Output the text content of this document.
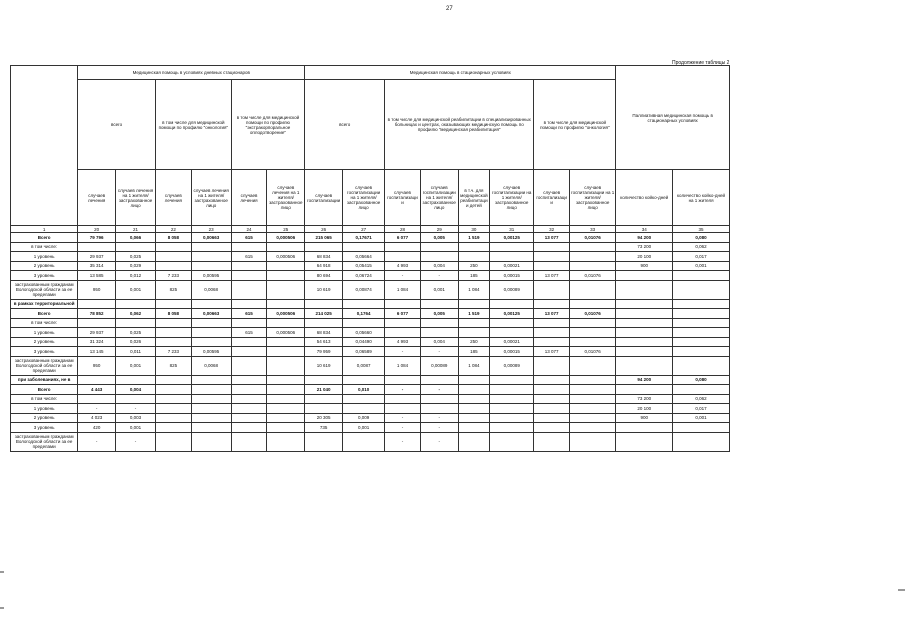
27
Продолжение таблицы 2
	Медицинская помощь в условиях дневных стационаров						Медицинская помощь в стационарных условиях								Паллиативная медицинская помощь в стационарных условиях	
	всего		в том числе для медицинской помощи по профилю "онкология"		в том числе для медицинской помощи по профилю "экстракорпоральное оплодотворение"		всего		в том числе для медицинской реабилитации в специализированных больницах и центрах, оказывающих медицинскую помощь по профилю "медицинская реабилитация"				в том числе для медицинской помощи по профилю "онкология"			
	случаев лечения	случаев лечения на 1 жителя/застрахованное лицо	случаев лечения	случаев лечения на 1 жителя/застрахованное лицо	случаев лечения	случаев лечения на 1 жителя/застрахованное лицо	случаев госпитализации	случаев госпитализации на 1 жителя/застрахованное лицо	случаев госпитализации	случаев госпитализации на 1 жителя/застрахованное лицо	в т.ч. для медицинской реабилитации детей	случаев госпитализации на 1 жителя/застрахованное лицо	случаев госпитализации	случаев госпитализации на 1 жителя/застрахованное лицо	количество койко-дней	количество койко-дней на 1 жителя
1	20	21	22	23	24	25	26	27	28	29	30	31	32	33	34	35
Всего	79 796	0,066	8 058	0,00663	615	0,000506	215 065	0,17671	6 077	0,005	1 519	0,00125	13 077	0,01076	94 200	0,080
в том числе:															73 200	0,062
1 уровень	29 937	0,025			615	0,000506	68 834	0,05664							20 100	0,017
2 уровень	35 314	0,029					64 918	0,05415	4 993	0,004	250	0,00021			900	0,001
3 уровень	13 585	0,012	7 233	0,00595			80 694	0,06724	-	-	185	0,00015	13 077	0,01076		
застрахованным гражданам Вологодской области за ее пределами	950	0,001	825	0,0068			10 619	0,00874	1 084	0,001	1 084	0,00089				
в рамках территориальной																
Всего	78 852	0,062	8 058	0,00663	615	0,000506	214 025	0,1764	6 077	0,005	1 519	0,00125	13 077	0,01076		
в том числе:																
1 уровень	29 937	0,025			615	0,000506	68 834	0,05660								
2 уровень	31 324	0,026					54 613	0,04490	4 993	0,004	250	0,00021				
3 уровень	13 145	0,011	7 233	0,00595			79 959	0,06589	-	-	185	0,00015	13 077	0,01076		
застрахованным гражданам Вологодской области за ее пределами	950	0,001	825	0,0068			10 619	0,0087	1 084	0,00089	1 084	0,00089				
при заболеваниях, не в															94 200	0,080
Всего	4 443	0,004					21 040	0,010	-	-						
в том числе:															73 200	0,062
1 уровень	-	-													20 100	0,017
2 уровень	4 023	0,003					20 305	0,009	-	-					900	0,001
3 уровень	420	0,001					735	0,001	-	-						
застрахованным гражданам Вологодской области за ее пределами	-	-							-	-						
